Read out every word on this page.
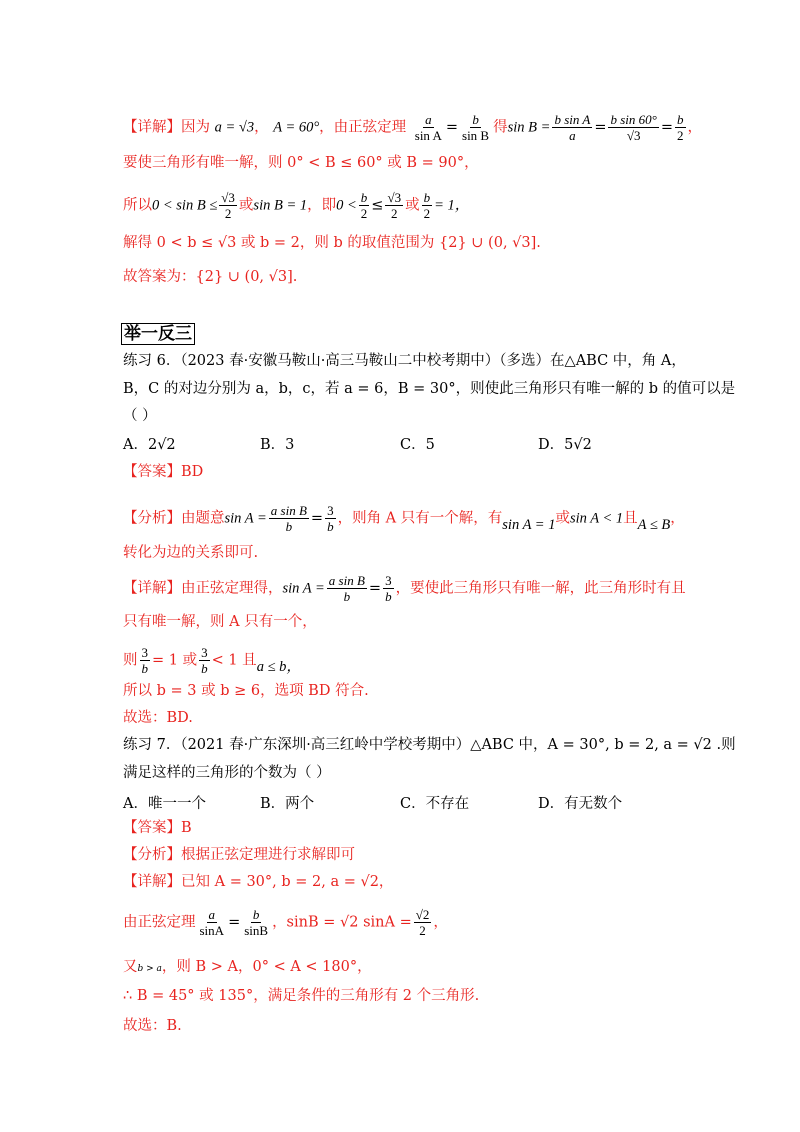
【详解】因为 a = √3， A = 60°，由正弦定理 $\frac{a}{\text{sin A}} = \frac{b}{\text{sin B}}$ 得$\sin B = \frac{\text{b sin A}}{a} = \frac{\text{b sin 60°}}{√3} = \frac{b}{2}$ ，
要使三角形有唯一解，则 0° < B ≤ 60° 或 B = 90°，
所以$0 < \sin B \le \frac{√3}{2}$ 或sin B = 1，即$0 < \frac{b}{2} \le \frac{√3}{2}$ 或 $\frac{b}{2} = 1$，
解得 0 < b ≤ √3 或 b = 2，则 b 的取值范围为 {2} ∪ (0, √3].
故答案为：{2} ∪ (0, √3].
举一反三
练习 6．（2023 春·安徽马鞍山·高三马鞍山二中校考期中）（多选）在△ABC 中，角 A，
B，C 的对边分别为 a，b，c，若 a = 6，B = 30°，则使此三角形只有唯一解的 b 的值可以是
（ ）
A．2√2	B．3	C．5	D．5√2
【答案】BD
【分析】由题意$\sin A = \frac{\text{a sin B}}{b} = \frac{3}{b}$ ，则角 A 只有一个解，有sin A = 1或sin A < 1且A ≤ B，
转化为边的关系即可.
【详解】由正弦定理得，$\sin A = \frac{\text{a sin B}}{b} = \frac{3}{b}$ ，要使此三角形只有唯一解，此三角形时有且
只有唯一解，则 A 只有一个，
则 $\frac{3}{b} = 1$ 或 $\frac{3}{b} < 1$ 且a ≤ b，
所以 b = 3 或 b ≥ 6，选项 BD 符合.
故选：BD.
练习 7．（2021 春·广东深圳·高三红岭中学校考期中）△ABC 中，A = 30°, b = 2, a = √2 .则
满足这样的三角形的个数为（ ）
A．唯一一个	B．两个	C．不存在	D．有无数个
【答案】B
【分析】根据正弦定理进行求解即可
【详解】已知 A = 30°, b = 2, a = √2，
由正弦定理 $\frac{a}{\sin A} = \frac{b}{\sin B}$ ，sinB = √2 $\sin A = \frac{√2}{2}$ ，
又b > a，则 B > A，0° < A < 180°，
∴ B = 45° 或 135°，满足条件的三角形有 2 个三角形.
故选：B.
